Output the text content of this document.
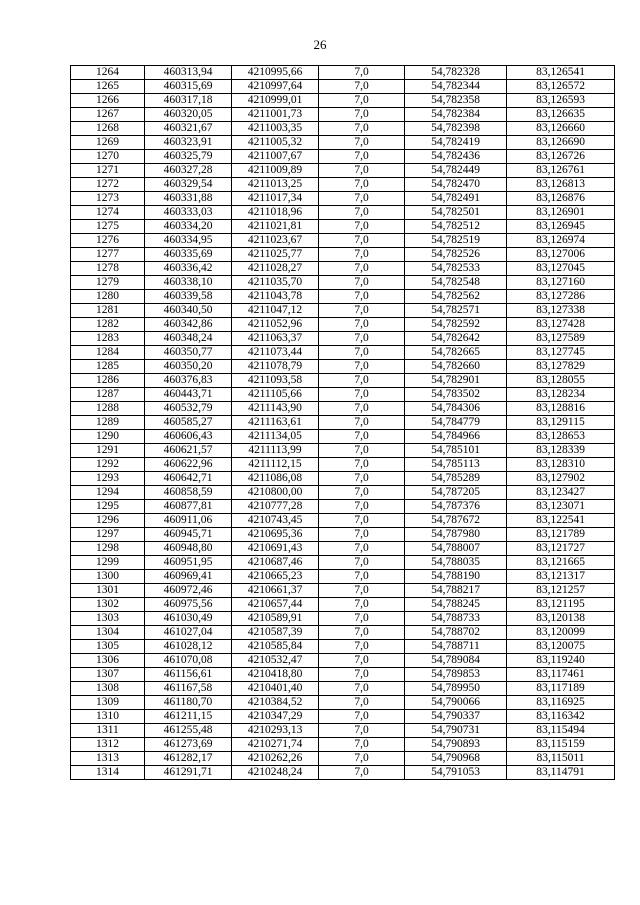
26
1264	460313,94	4210995,66	7,0	54,782328	83,126541
1265	460315,69	4210997,64	7,0	54,782344	83,126572
1266	460317,18	4210999,01	7,0	54,782358	83,126593
1267	460320,05	4211001,73	7,0	54,782384	83,126635
1268	460321,67	4211003,35	7,0	54,782398	83,126660
1269	460323,91	4211005,32	7,0	54,782419	83,126690
1270	460325,79	4211007,67	7,0	54,782436	83,126726
1271	460327,28	4211009,89	7,0	54,782449	83,126761
1272	460329,54	4211013,25	7,0	54,782470	83,126813
1273	460331,88	4211017,34	7,0	54,782491	83,126876
1274	460333,03	4211018,96	7,0	54,782501	83,126901
1275	460334,20	4211021,81	7,0	54,782512	83,126945
1276	460334,95	4211023,67	7,0	54,782519	83,126974
1277	460335,69	4211025,77	7,0	54,782526	83,127006
1278	460336,42	4211028,27	7,0	54,782533	83,127045
1279	460338,10	4211035,70	7,0	54,782548	83,127160
1280	460339,58	4211043,78	7,0	54,782562	83,127286
1281	460340,50	4211047,12	7,0	54,782571	83,127338
1282	460342,86	4211052,96	7,0	54,782592	83,127428
1283	460348,24	4211063,37	7,0	54,782642	83,127589
1284	460350,77	4211073,44	7,0	54,782665	83,127745
1285	460350,20	4211078,79	7,0	54,782660	83,127829
1286	460376,83	4211093,58	7,0	54,782901	83,128055
1287	460443,71	4211105,66	7,0	54,783502	83,128234
1288	460532,79	4211143,90	7,0	54,784306	83,128816
1289	460585,27	4211163,61	7,0	54,784779	83,129115
1290	460606,43	4211134,05	7,0	54,784966	83,128653
1291	460621,57	4211113,99	7,0	54,785101	83,128339
1292	460622,96	4211112,15	7,0	54,785113	83,128310
1293	460642,71	4211086,08	7,0	54,785289	83,127902
1294	460858,59	4210800,00	7,0	54,787205	83,123427
1295	460877,81	4210777,28	7,0	54,787376	83,123071
1296	460911,06	4210743,45	7,0	54,787672	83,122541
1297	460945,71	4210695,36	7,0	54,787980	83,121789
1298	460948,80	4210691,43	7,0	54,788007	83,121727
1299	460951,95	4210687,46	7,0	54,788035	83,121665
1300	460969,41	4210665,23	7,0	54,788190	83,121317
1301	460972,46	4210661,37	7,0	54,788217	83,121257
1302	460975,56	4210657,44	7,0	54,788245	83,121195
1303	461030,49	4210589,91	7,0	54,788733	83,120138
1304	461027,04	4210587,39	7,0	54,788702	83,120099
1305	461028,12	4210585,84	7,0	54,788711	83,120075
1306	461070,08	4210532,47	7,0	54,789084	83,119240
1307	461156,61	4210418,80	7,0	54,789853	83,117461
1308	461167,58	4210401,40	7,0	54,789950	83,117189
1309	461180,70	4210384,52	7,0	54,790066	83,116925
1310	461211,15	4210347,29	7,0	54,790337	83,116342
1311	461255,48	4210293,13	7,0	54,790731	83,115494
1312	461273,69	4210271,74	7,0	54,790893	83,115159
1313	461282,17	4210262,26	7,0	54,790968	83,115011
1314	461291,71	4210248,24	7,0	54,791053	83,114791
